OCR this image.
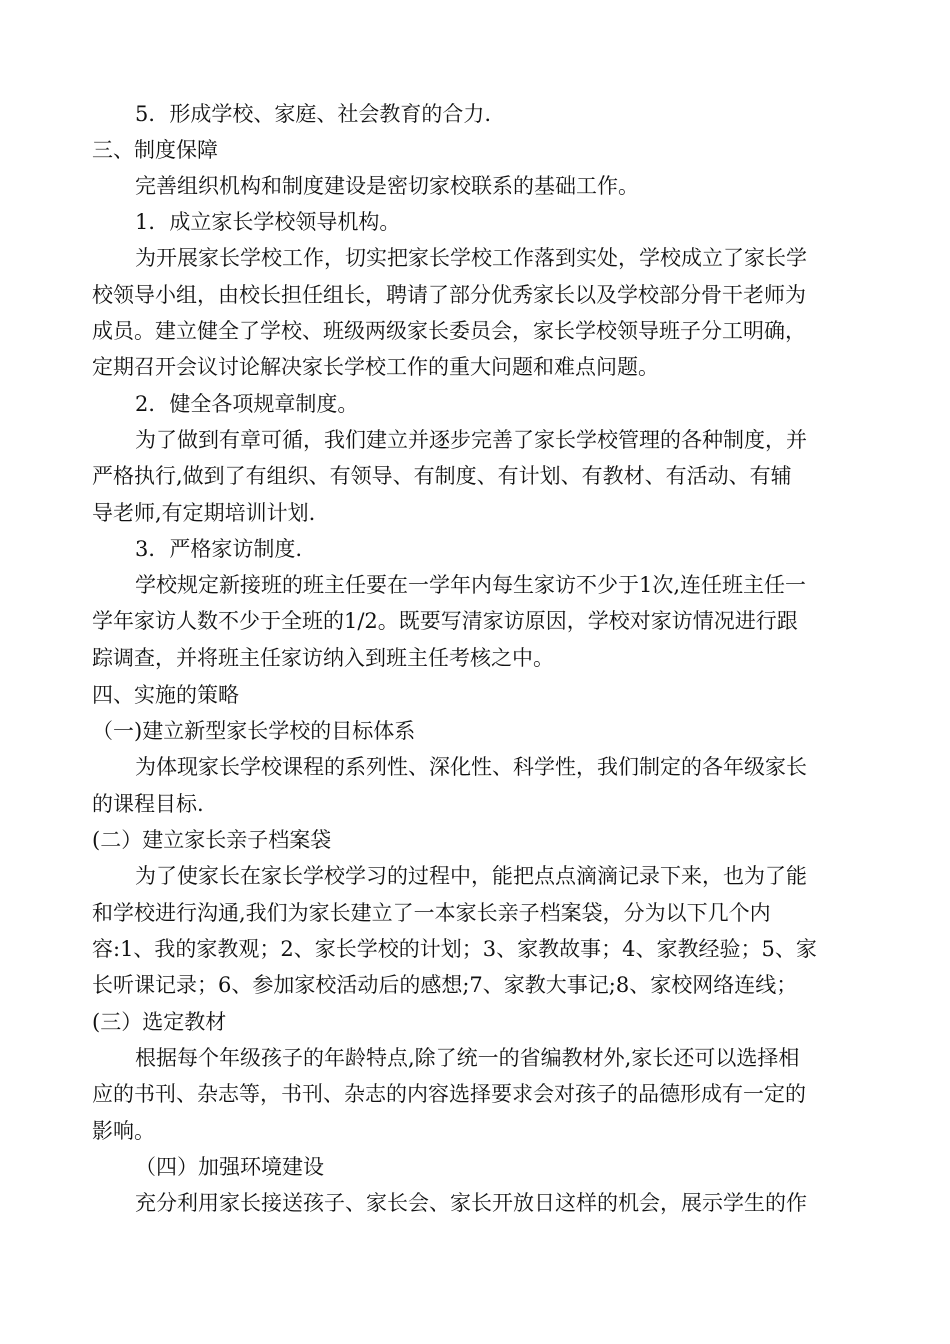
5．形成学校、家庭、社会教育的合力.
三、制度保障
完善组织机构和制度建设是密切家校联系的基础工作。
1．成立家长学校领导机构。
为开展家长学校工作，切实把家长学校工作落到实处，学校成立了家长学
校领导小组，由校长担任组长，聘请了部分优秀家长以及学校部分骨干老师为
成员。建立健全了学校、班级两级家长委员会，家长学校领导班子分工明确，
定期召开会议讨论解决家长学校工作的重大问题和难点问题。
2．健全各项规章制度。
为了做到有章可循，我们建立并逐步完善了家长学校管理的各种制度，并
严格执行,做到了有组织、有领导、有制度、有计划、有教材、有活动、有辅
导老师,有定期培训计划.
3．严格家访制度.
学校规定新接班的班主任要在一学年内每生家访不少于1次,连任班主任一
学年家访人数不少于全班的1/2。既要写清家访原因，学校对家访情况进行跟
踪调查，并将班主任家访纳入到班主任考核之中。
四、实施的策略
（一)建立新型家长学校的目标体系
为体现家长学校课程的系列性、深化性、科学性，我们制定的各年级家长
的课程目标.
(二）建立家长亲子档案袋
为了使家长在家长学校学习的过程中，能把点点滴滴记录下来，也为了能
和学校进行沟通,我们为家长建立了一本家长亲子档案袋，分为以下几个内
容:1、我的家教观；2、家长学校的计划；3、家教故事；4、家教经验；5、家
长听课记录；6、参加家校活动后的感想;7、家教大事记;8、家校网络连线；
(三）选定教材
根据每个年级孩子的年龄特点,除了统一的省编教材外,家长还可以选择相
应的书刊、杂志等，书刊、杂志的内容选择要求会对孩子的品德形成有一定的
影响。
（四）加强环境建设
充分利用家长接送孩子、家长会、家长开放日这样的机会，展示学生的作
